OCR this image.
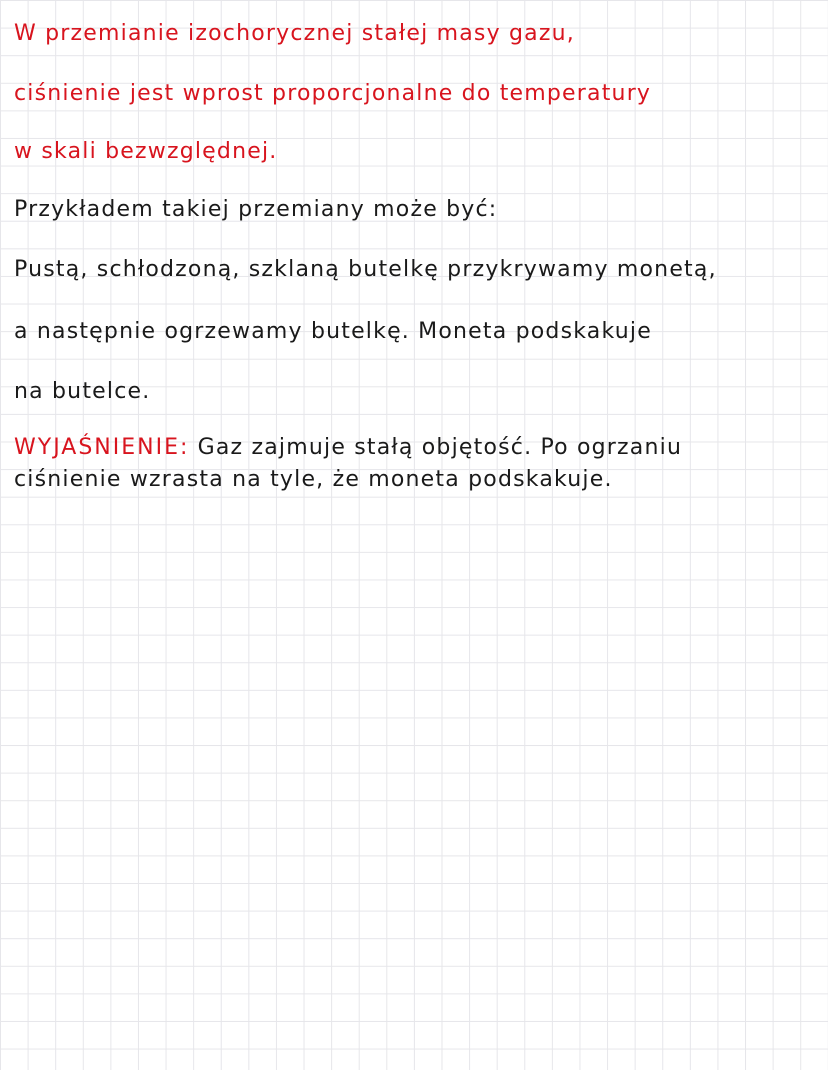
W przemianie izochorycznej stałej masy gazu,
ciśnienie jest wprost proporcjonalne do temperatury
w skali bezwzględnej.
Przykładem takiej przemiany może być:
Pustą, schłodzoną, szklaną butelkę przykrywamy monetą,
a następnie ogrzewamy butelkę. Moneta podskakuje
na butelce.
WYJAŚNIENIE: Gaz zajmuje stałą objętość. Po ogrzaniu
ciśnienie wzrasta na tyle, że moneta podskakuje.
